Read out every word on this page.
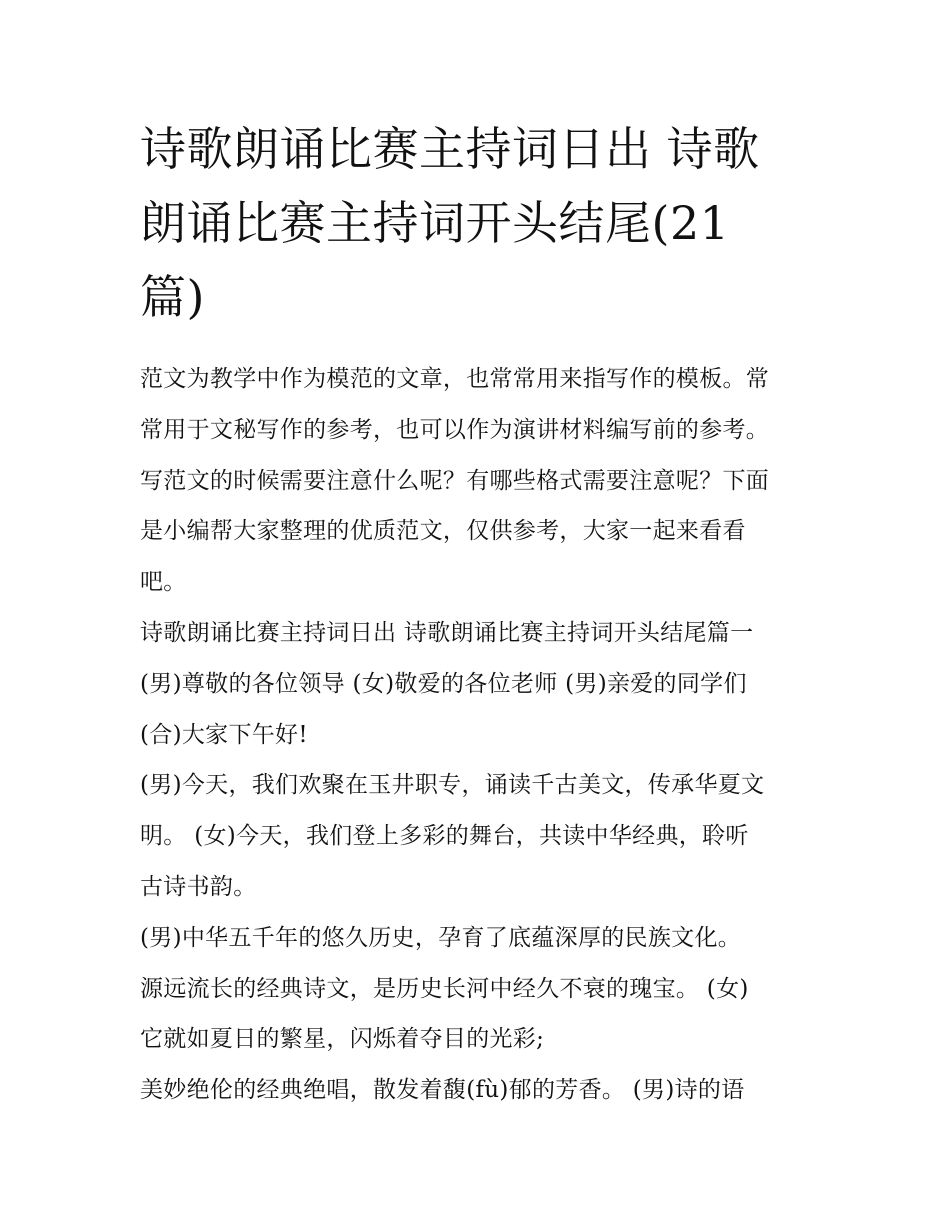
诗歌朗诵比赛主持词日出 诗歌
朗诵比赛主持词开头结尾(21
篇)
范文为教学中作为模范的文章，也常常用来指写作的模板。常
常用于文秘写作的参考，也可以作为演讲材料编写前的参考。
写范文的时候需要注意什么呢？有哪些格式需要注意呢？下面
是小编帮大家整理的优质范文，仅供参考，大家一起来看看
吧。
诗歌朗诵比赛主持词日出 诗歌朗诵比赛主持词开头结尾篇一
(男)尊敬的各位领导 (女)敬爱的各位老师 (男)亲爱的同学们
(合)大家下午好!
(男)今天，我们欢聚在玉井职专，诵读千古美文，传承华夏文
明。 (女)今天，我们登上多彩的舞台，共读中华经典，聆听
古诗书韵。
(男)中华五千年的悠久历史，孕育了底蕴深厚的民族文化。
源远流长的经典诗文，是历史长河中经久不衰的瑰宝。 (女)
它就如夏日的繁星，闪烁着夺目的光彩;
美妙绝伦的经典绝唱，散发着馥(fù)郁的芳香。 (男)诗的语
